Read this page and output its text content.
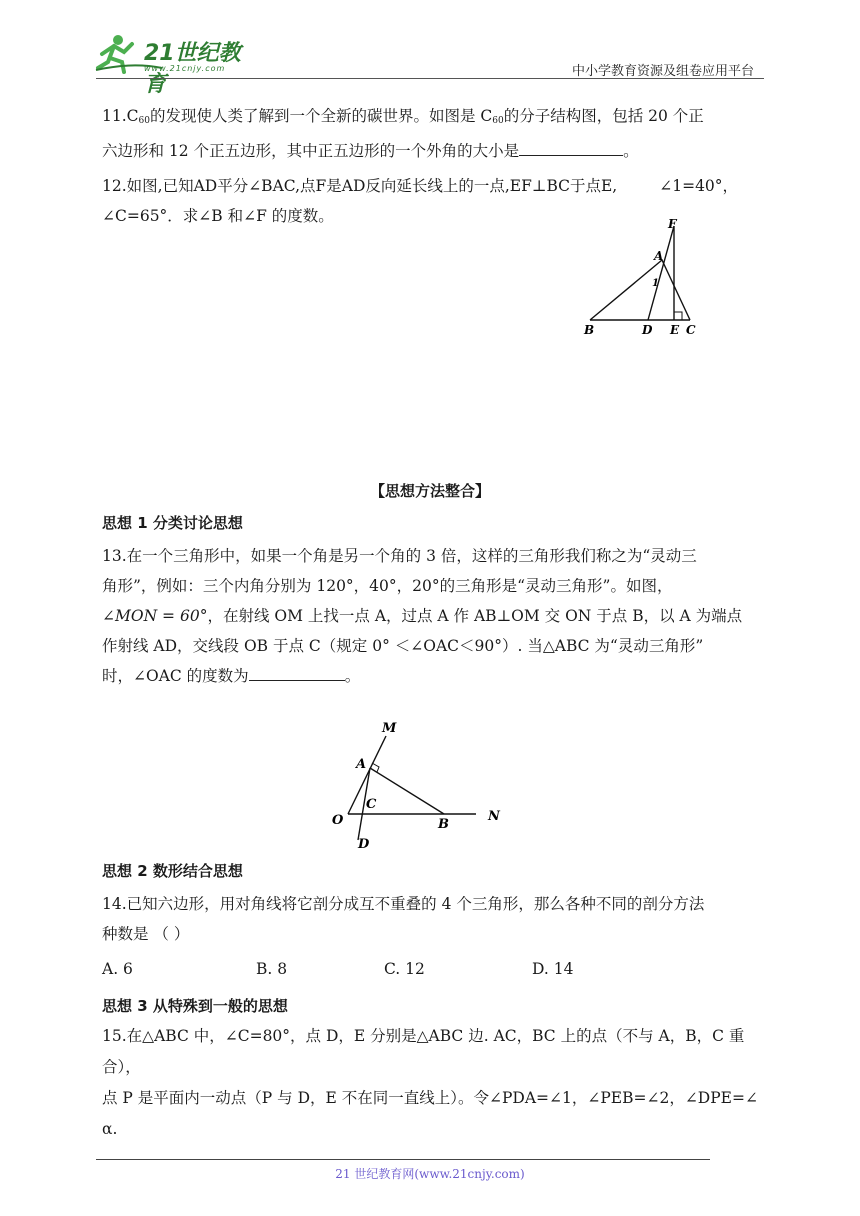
21世纪教育
www.21cnjy.com	中小学教育资源及组卷应用平台
$11.C_{60}$的发现使人类了解到一个全新的碳世界。如图是 $C_{60}$的分子结构图，包括 20 个正
六边形和 12 个正五边形，其中正五边形的一个外角的大小是	。
12.如图,已知AD平分∠BAC,点F是AD反向延长线上的一点,EF⊥BC于点E,	∠1=40°，
∠C=65°．求∠B 和∠F 的度数。	F
A
1
B	D E C
【思想方法整合】
思想 1 分类讨论思想
13.在一个三角形中，如果一个角是另一个角的 3 倍，这样的三角形我们称之为“灵动三
角形”，例如：三个内角分别为 120°，40°，20°的三角形是“灵动三角形”。如图，
∠MON = 60°，在射线 OM 上找一点 A，过点 A 作 AB⊥OM 交 ON 于点 B，以 A 为端点
作射线 AD，交线段 OB 于点 C（规定 0° ＜∠OAC＜90°）. 当△ABC 为“灵动三角形”
时，∠OAC 的度数为	。
M
A
C
O	B
N
D
思想 2 数形结合思想
14.已知六边形，用对角线将它剖分成互不重叠的 4 个三角形，那么各种不同的剖分方法
种数是 （ ）
A. 6	B. 8	C. 12	D. 14
思想 3 从特殊到一般的思想
15.在△ABC 中，∠C=80°，点 D，E 分别是△ABC 边. AC，BC 上的点（不与 A，B，C 重合），
点 P 是平面内一动点（P 与 D，E 不在同一直线上）。令∠PDA=∠1，∠PEB=∠2，∠DPE=∠
α.
21 世纪教育网(www.21cnjy.com)
